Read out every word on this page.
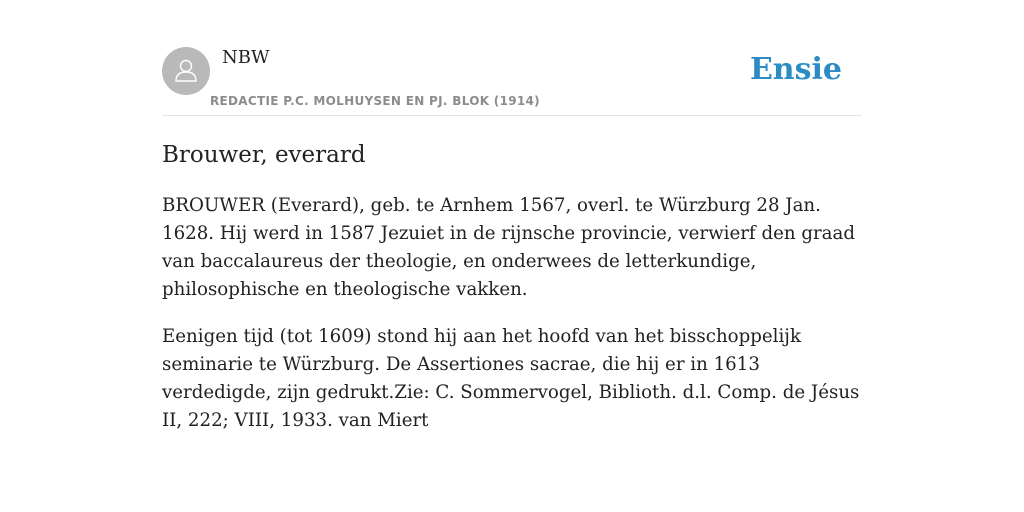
NBW
REDACTIE P.C. MOLHUYSEN EN PJ. BLOK (1914)
Ensie
Brouwer, everard

BROUWER (Everard), geb. te Arnhem 1567, overl. te Würzburg 28 Jan. 1628. Hij werd in 1587 Jezuiet in de rijnsche provincie, verwierf den graad van baccalaureus der theologie, en onderwees de letterkundige, philosophische en theologische vakken.

Eenigen tijd (tot 1609) stond hij aan het hoofd van het bisschoppelijk seminarie te Würzburg. De Assertiones sacrae, die hij er in 1613 verdedigde, zijn gedrukt.Zie: C. Sommervogel, Biblioth. d.l. Comp. de Jésus II, 222; VIII, 1933. van Miert
